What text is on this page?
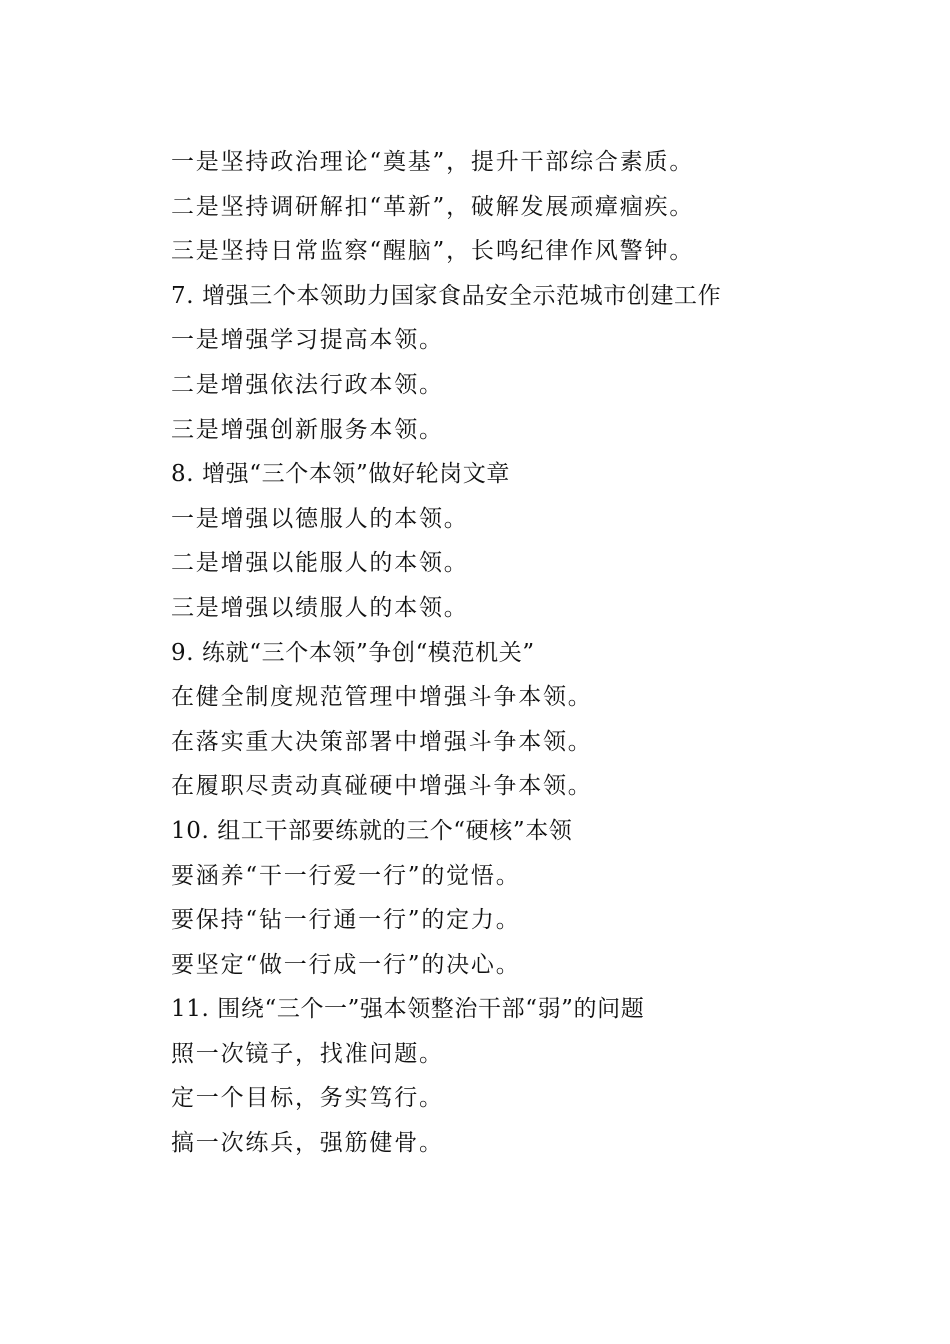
一是坚持政治理论“奠基”，提升干部综合素质。
二是坚持调研解扣“革新”，破解发展顽瘴痼疾。
三是坚持日常监察“醒脑”，长鸣纪律作风警钟。
7. 增强三个本领助力国家食品安全示范城市创建工作
一是增强学习提高本领。
二是增强依法行政本领。
三是增强创新服务本领。
8. 增强“三个本领”做好轮岗文章
一是增强以德服人的本领。
二是增强以能服人的本领。
三是增强以绩服人的本领。
9. 练就“三个本领”争创“模范机关”
在健全制度规范管理中增强斗争本领。
在落实重大决策部署中增强斗争本领。
在履职尽责动真碰硬中增强斗争本领。
10. 组工干部要练就的三个“硬核”本领
要涵养“干一行爱一行”的觉悟。
要保持“钻一行通一行”的定力。
要坚定“做一行成一行”的决心。
11. 围绕“三个一”强本领整治干部“弱”的问题
照一次镜子，找准问题。
定一个目标，务实笃行。
搞一次练兵，强筋健骨。
